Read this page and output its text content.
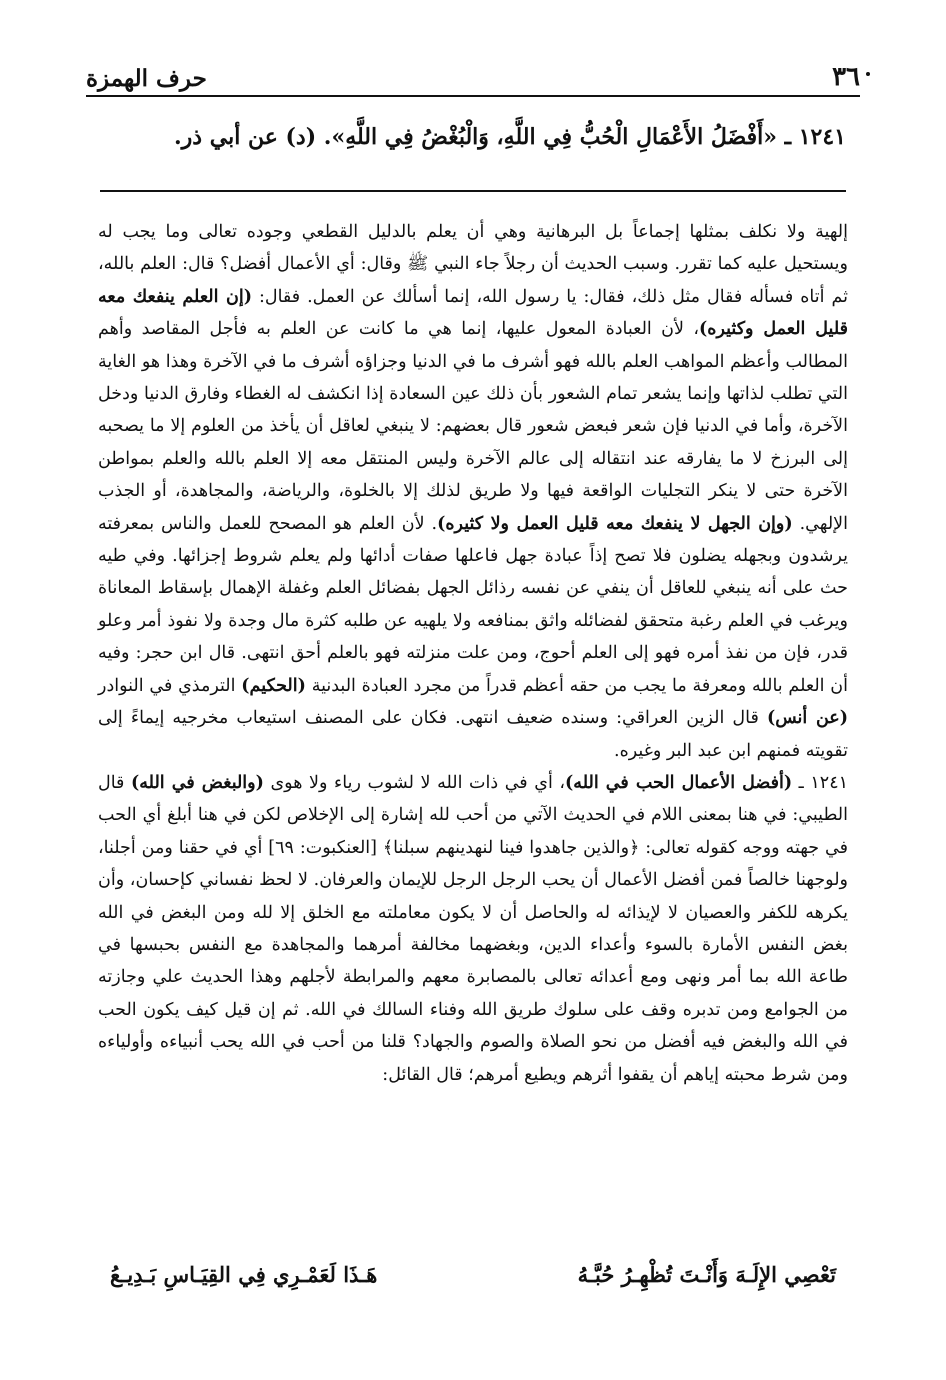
٣٦
حرف الهمزة
١٢٤١ ـ «أَفْضَلُ الأَعْمَالِ الْحُبُّ فِي اللَّهِ، وَالْبُغْضُ فِي اللَّهِ». (د) عن أبي ذر.

إلهية ولا نكلف بمثلها إجماعاً بل البرهانية وهي أن يعلم بالدليل القطعي وجوده تعالى وما يجب له ويستحيل عليه كما تقرر. وسبب الحديث أن رجلاً جاء النبي ﷺ وقال: أي الأعمال أفضل؟ قال: العلم بالله، ثم أتاه فسأله فقال مثل ذلك، فقال: يا رسول الله، إنما أسألك عن العمل. فقال: (إن العلم ينفعك معه قليل العمل وكثيره)، لأن العبادة المعول عليها، إنما هي ما كانت عن العلم به فأجل المقاصد وأهم المطالب وأعظم المواهب العلم بالله فهو أشرف ما في الدنيا وجزاؤه أشرف ما في الآخرة وهذا هو الغاية التي تطلب لذاتها وإنما يشعر تمام الشعور بأن ذلك عين السعادة إذا انكشف له الغطاء وفارق الدنيا ودخل الآخرة، وأما في الدنيا فإن شعر فبعض شعور قال بعضهم: لا ينبغي لعاقل أن يأخذ من العلوم إلا ما يصحبه إلى البرزخ لا ما يفارقه عند انتقاله إلى عالم الآخرة وليس المنتقل معه إلا العلم بالله والعلم بمواطن الآخرة حتى لا ينكر التجليات الواقعة فيها ولا طريق لذلك إلا بالخلوة، والرياضة، والمجاهدة، أو الجذب الإلهي. (وإن الجهل لا ينفعك معه قليل العمل ولا كثيره). لأن العلم هو المصحح للعمل والناس بمعرفته يرشدون وبجهله يضلون فلا تصح إذاً عبادة جهل فاعلها صفات أدائها ولم يعلم شروط إجزائها. وفي طيه حث على أنه ينبغي للعاقل أن ينفي عن نفسه رذائل الجهل بفضائل العلم وغفلة الإهمال بإسقاط المعاناة ويرغب في العلم رغبة متحقق لفضائله واثق بمنافعه ولا يلهيه عن طلبه كثرة مال وجدة ولا نفوذ أمر وعلو قدر، فإن من نفذ أمره فهو إلى العلم أحوج، ومن علت منزلته فهو بالعلم أحق انتهى. قال ابن حجر: وفيه أن العلم بالله ومعرفة ما يجب من حقه أعظم قدراً من مجرد العبادة البدنية (الحكيم) الترمذي في النوادر (عن أنس) قال الزين العراقي: وسنده ضعيف انتهى. فكان على المصنف استيعاب مخرجيه إيماءً إلى تقويته فمنهم ابن عبد البر وغيره.

١٢٤١ ـ (أفضل الأعمال الحب في الله)، أي في ذات الله لا لشوب رياء ولا هوى (والبغض في الله) قال الطيبي: في هنا بمعنى اللام في الحديث الآتي من أحب لله إشارة إلى الإخلاص لكن في هنا أبلغ أي الحب في جهته ووجه كقوله تعالى: ﴿والذين جاهدوا فينا لنهدينهم سبلنا﴾ [العنكبوت: ٦٩] أي في حقنا ومن أجلنا، ولوجهنا خالصاً فمن أفضل الأعمال أن يحب الرجل الرجل للإيمان والعرفان. لا لحظ نفساني كإحسان، وأن يكرهه للكفر والعصيان لا لإيذائه له والحاصل أن لا يكون معاملته مع الخلق إلا لله ومن البغض في الله بغض النفس الأمارة بالسوء وأعداء الدين، وبغضهما مخالفة أمرهما والمجاهدة مع النفس بحبسها في طاعة الله بما أمر ونهى ومع أعدائه تعالى بالمصابرة معهم والمرابطة لأجلهم وهذا الحديث علي وجازته من الجوامع ومن تدبره وقف على سلوك طريق الله وفناء السالك في الله. ثم إن قيل كيف يكون الحب في الله والبغض فيه أفضل من نحو الصلاة والصوم والجهاد؟ قلنا من أحب في الله يحب أنبياءه وأولياءه ومن شرط محبته إياهم أن يقفوا أثرهم ويطيع أمرهم؛ قال القائل:

تَعْصِي الإِلَـهَ وَأَنْـتَ تُظْهِـرُ حُبَّـهُ
هَـذَا لَعَمْـرِي فِي القِيَـاسِ بَـدِيـعُ
